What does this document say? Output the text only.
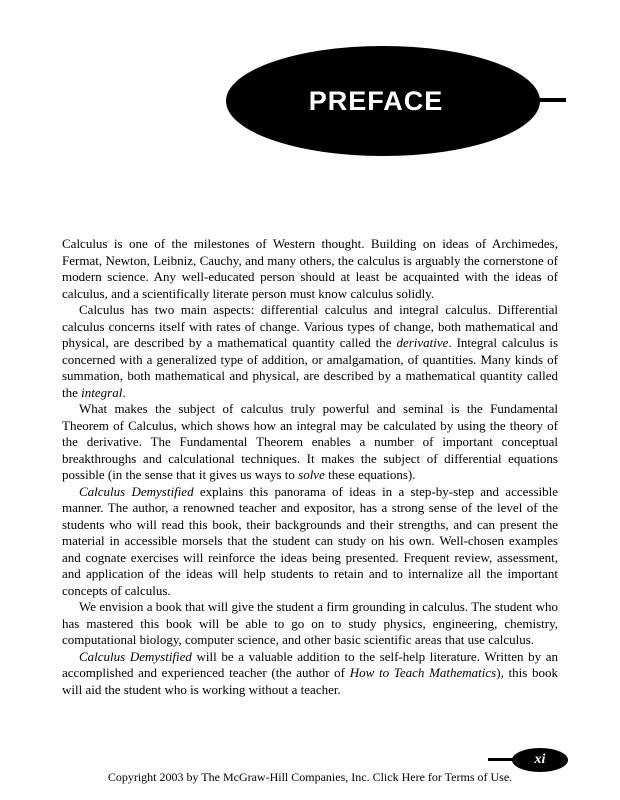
PREFACE

Calculus is one of the milestones of Western thought. Building on ideas of Archimedes, Fermat, Newton, Leibniz, Cauchy, and many others, the calculus is arguably the cornerstone of modern science. Any well-educated person should at least be acquainted with the ideas of calculus, and a scientifically literate person must know calculus solidly.

Calculus has two main aspects: differential calculus and integral calculus. Differential calculus concerns itself with rates of change. Various types of change, both mathematical and physical, are described by a mathematical quantity called the derivative. Integral calculus is concerned with a generalized type of addition, or amalgamation, of quantities. Many kinds of summation, both mathematical and physical, are described by a mathematical quantity called the integral.

What makes the subject of calculus truly powerful and seminal is the Fundamental Theorem of Calculus, which shows how an integral may be calculated by using the theory of the derivative. The Fundamental Theorem enables a number of important conceptual breakthroughs and calculational techniques. It makes the subject of differential equations possible (in the sense that it gives us ways to solve these equations).

Calculus Demystified explains this panorama of ideas in a step-by-step and accessible manner. The author, a renowned teacher and expositor, has a strong sense of the level of the students who will read this book, their backgrounds and their strengths, and can present the material in accessible morsels that the student can study on his own. Well-chosen examples and cognate exercises will reinforce the ideas being presented. Frequent review, assessment, and application of the ideas will help students to retain and to internalize all the important concepts of calculus.

We envision a book that will give the student a firm grounding in calculus. The student who has mastered this book will be able to go on to study physics, engineering, chemistry, computational biology, computer science, and other basic scientific areas that use calculus.

Calculus Demystified will be a valuable addition to the self-help literature. Written by an accomplished and experienced teacher (the author of How to Teach Mathematics), this book will aid the student who is working without a teacher.

xi
Copyright 2003 by The McGraw-Hill Companies, Inc. Click Here for Terms of Use.
